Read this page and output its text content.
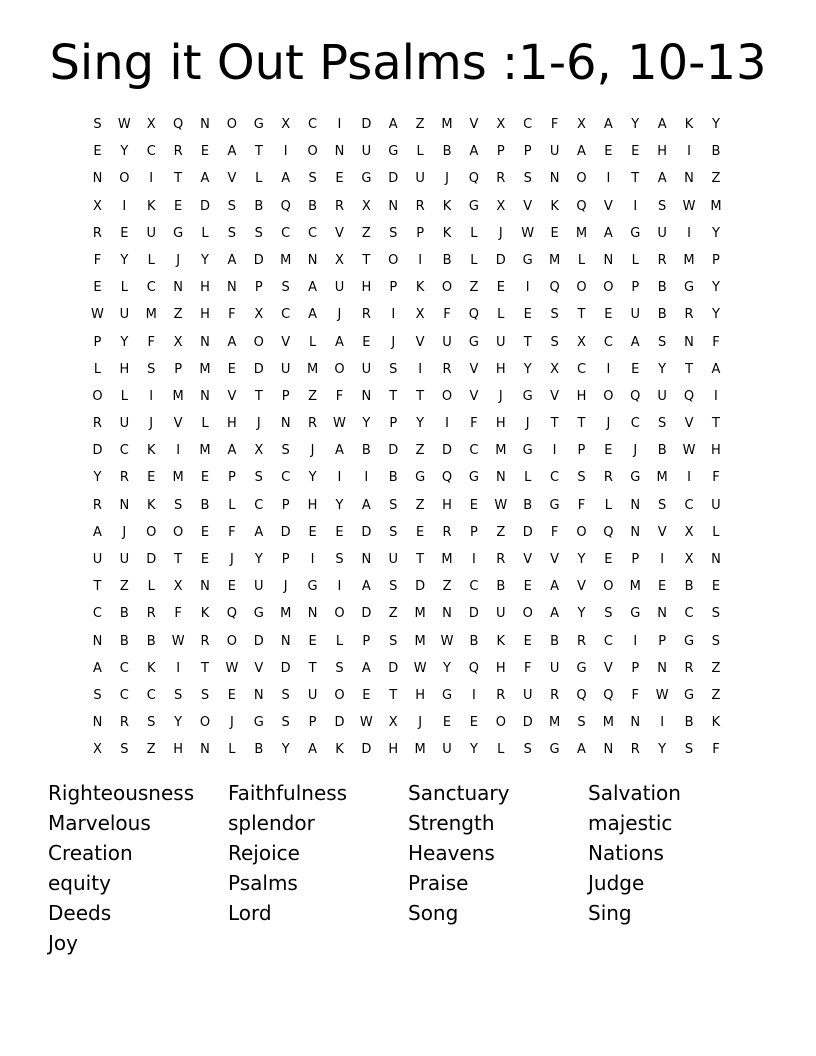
Sing it Out Psalms :1-6, 10-13
S	W	X	Q	N	O	G	X	C	I	D	A	Z	M	V	X	C	F	X	A	Y	A	K	Y
E	Y	C	R	E	A	T	I	O	N	U	G	L	B	A	P	P	U	A	E	E	H	I	B
N	O	I	T	A	V	L	A	S	E	G	D	U	J	Q	R	S	N	O	I	T	A	N	Z
X	I	K	E	D	S	B	Q	B	R	X	N	R	K	G	X	V	K	Q	V	I	S	W	M
R	E	U	G	L	S	S	C	C	V	Z	S	P	K	L	J	W	E	M	A	G	U	I	Y
F	Y	L	J	Y	A	D	M	N	X	T	O	I	B	L	D	G	M	L	N	L	R	M	P
E	L	C	N	H	N	P	S	A	U	H	P	K	O	Z	E	I	Q	O	O	P	B	G	Y
W	U	M	Z	H	F	X	C	A	J	R	I	X	F	Q	L	E	S	T	E	U	B	R	Y
P	Y	F	X	N	A	O	V	L	A	E	J	V	U	G	U	T	S	X	C	A	S	N	F
L	H	S	P	M	E	D	U	M	O	U	S	I	R	V	H	Y	X	C	I	E	Y	T	A
O	L	I	M	N	V	T	P	Z	F	N	T	T	O	V	J	G	V	H	O	Q	U	Q	I
R	U	J	V	L	H	J	N	R	W	Y	P	Y	I	F	H	J	T	T	J	C	S	V	T
D	C	K	I	M	A	X	S	J	A	B	D	Z	D	C	M	G	I	P	E	J	B	W	H
Y	R	E	M	E	P	S	C	Y	I	I	B	G	Q	G	N	L	C	S	R	G	M	I	F
R	N	K	S	B	L	C	P	H	Y	A	S	Z	H	E	W	B	G	F	L	N	S	C	U
A	J	O	O	E	F	A	D	E	E	D	S	E	R	P	Z	D	F	O	Q	N	V	X	L
U	U	D	T	E	J	Y	P	I	S	N	U	T	M	I	R	V	V	Y	E	P	I	X	N
T	Z	L	X	N	E	U	J	G	I	A	S	D	Z	C	B	E	A	V	O	M	E	B	E
C	B	R	F	K	Q	G	M	N	O	D	Z	M	N	D	U	O	A	Y	S	G	N	C	S
N	B	B	W	R	O	D	N	E	L	P	S	M	W	B	K	E	B	R	C	I	P	G	S
A	C	K	I	T	W	V	D	T	S	A	D	W	Y	Q	H	F	U	G	V	P	N	R	Z
S	C	C	S	S	E	N	S	U	O	E	T	H	G	I	R	U	R	Q	Q	F	W	G	Z
N	R	S	Y	O	J	G	S	P	D	W	X	J	E	E	O	D	M	S	M	N	I	B	K
X	S	Z	H	N	L	B	Y	A	K	D	H	M	U	Y	L	S	G	A	N	R	Y	S	F
Righteousness	Faithfulness	Sanctuary	Salvation
Marvelous	splendor	Strength	majestic
Creation	Rejoice	Heavens	Nations
equity	Psalms	Praise	Judge
Deeds	Lord	Song	Sing
Joy
